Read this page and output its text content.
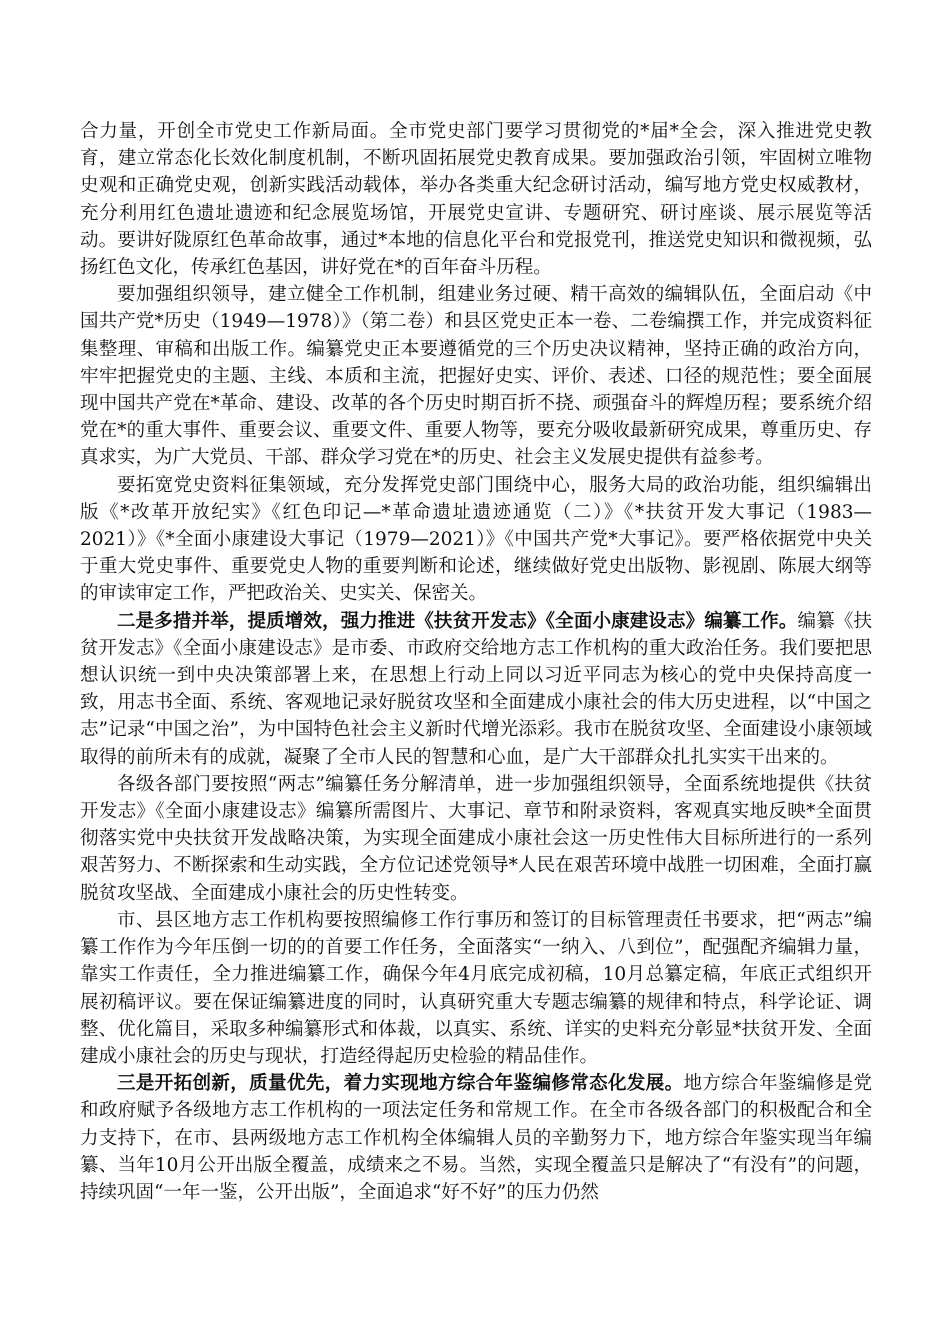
合力量，开创全市党史工作新局面。全市党史部门要学习贯彻党的*届*全会，深入推进党史教育，建立常态化长效化制度机制，不断巩固拓展党史教育成果。要加强政治引领，牢固树立唯物史观和正确党史观，创新实践活动载体，举办各类重大纪念研讨活动，编写地方党史权威教材，充分利用红色遗址遗迹和纪念展览场馆，开展党史宣讲、专题研究、研讨座谈、展示展览等活动。要讲好陇原红色革命故事，通过*本地的信息化平台和党报党刊，推送党史知识和微视频，弘扬红色文化，传承红色基因，讲好党在*的百年奋斗历程。

要加强组织领导，建立健全工作机制，组建业务过硬、精干高效的编辑队伍，全面启动《中国共产党*历史（1949—1978）》（第二卷）和县区党史正本一卷、二卷编撰工作，并完成资料征集整理、审稿和出版工作。编纂党史正本要遵循党的三个历史决议精神，坚持正确的政治方向，牢牢把握党史的主题、主线、本质和主流，把握好史实、评价、表述、口径的规范性；要全面展现中国共产党在*革命、建设、改革的各个历史时期百折不挠、顽强奋斗的辉煌历程；要系统介绍党在*的重大事件、重要会议、重要文件、重要人物等，要充分吸收最新研究成果，尊重历史、存真求实，为广大党员、干部、群众学习党在*的历史、社会主义发展史提供有益参考。

要拓宽党史资料征集领域，充分发挥党史部门围绕中心，服务大局的政治功能，组织编辑出版《*改革开放纪实》《红色印记—*革命遗址遗迹通览（二）》《*扶贫开发大事记（1983—2021）》《*全面小康建设大事记（1979—2021）》《中国共产党*大事记》。要严格依据党中央关于重大党史事件、重要党史人物的重要判断和论述，继续做好党史出版物、影视剧、陈展大纲等的审读审定工作，严把政治关、史实关、保密关。

二是多措并举，提质增效，强力推进《扶贫开发志》《全面小康建设志》编纂工作。编纂《扶贫开发志》《全面小康建设志》是市委、市政府交给地方志工作机构的重大政治任务。我们要把思想认识统一到中央决策部署上来，在思想上行动上同以习近平同志为核心的党中央保持高度一致，用志书全面、系统、客观地记录好脱贫攻坚和全面建成小康社会的伟大历史进程，以“中国之志”记录“中国之治”，为中国特色社会主义新时代增光添彩。我市在脱贫攻坚、全面建设小康领域取得的前所未有的成就，凝聚了全市人民的智慧和心血，是广大干部群众扎扎实实干出来的。

各级各部门要按照“两志”编纂任务分解清单，进一步加强组织领导，全面系统地提供《扶贫开发志》《全面小康建设志》编纂所需图片、大事记、章节和附录资料，客观真实地反映*全面贯彻落实党中央扶贫开发战略决策，为实现全面建成小康社会这一历史性伟大目标所进行的一系列艰苦努力、不断探索和生动实践，全方位记述党领导*人民在艰苦环境中战胜一切困难，全面打赢脱贫攻坚战、全面建成小康社会的历史性转变。

市、县区地方志工作机构要按照编修工作行事历和签订的目标管理责任书要求，把“两志”编纂工作作为今年压倒一切的的首要工作任务，全面落实“一纳入、八到位”，配强配齐编辑力量，靠实工作责任，全力推进编纂工作，确保今年4月底完成初稿，10月总纂定稿，年底正式组织开展初稿评议。要在保证编纂进度的同时，认真研究重大专题志编纂的规律和特点，科学论证、调整、优化篇目，采取多种编纂形式和体裁，以真实、系统、详实的史料充分彰显*扶贫开发、全面建成小康社会的历史与现状，打造经得起历史检验的精品佳作。

三是开拓创新，质量优先，着力实现地方综合年鉴编修常态化发展。地方综合年鉴编修是党和政府赋予各级地方志工作机构的一项法定任务和常规工作。在全市各级各部门的积极配合和全力支持下，在市、县两级地方志工作机构全体编辑人员的辛勤努力下，地方综合年鉴实现当年编纂、当年10月公开出版全覆盖，成绩来之不易。当然，实现全覆盖只是解决了“有没有”的问题，持续巩固“一年一鉴，公开出版”，全面追求“好不好”的压力仍然
